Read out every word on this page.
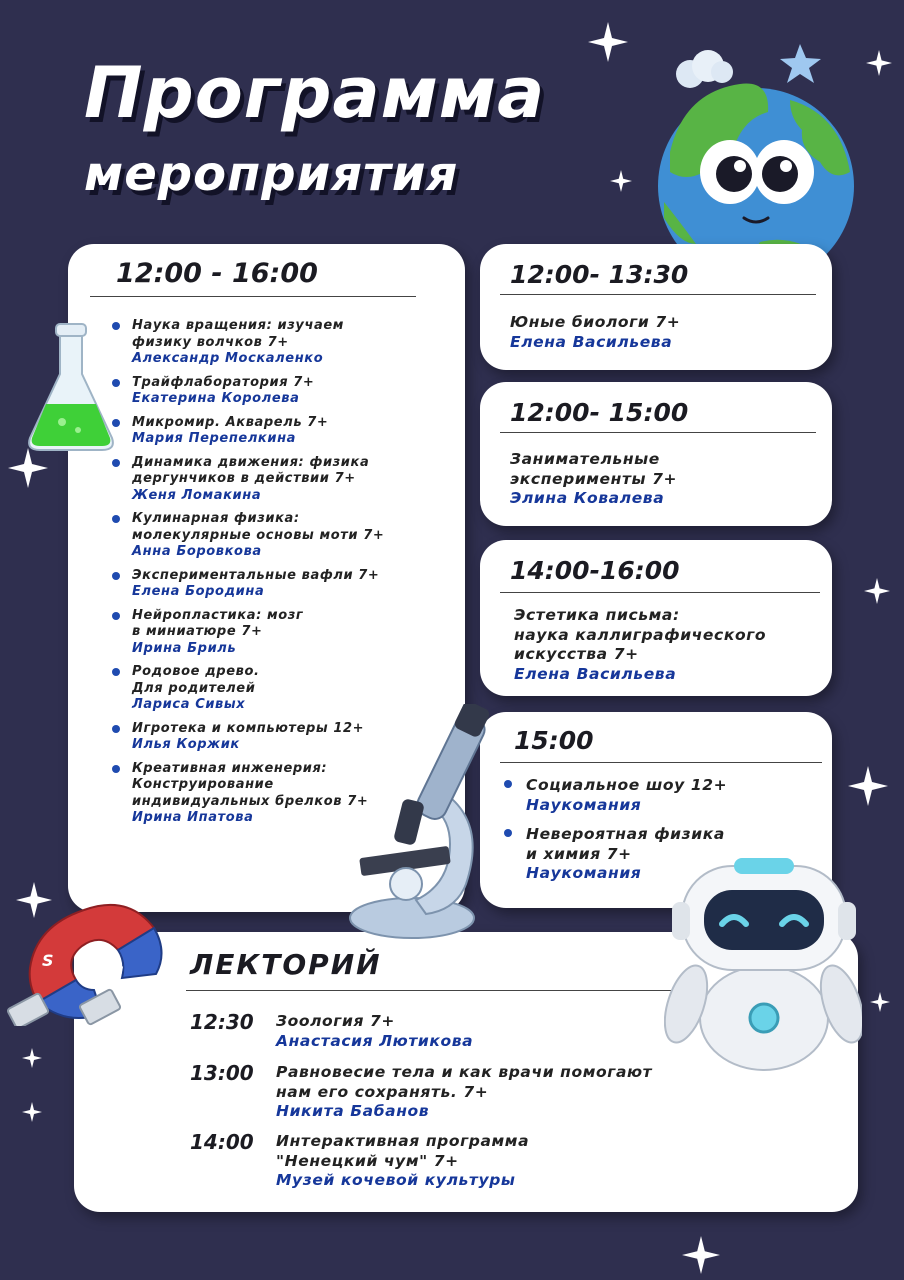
Программа
мероприятия
12:00 - 16:00
Наука вращения: изучаем
физику волчков 7+
Александр Москаленко
Трайфлаборатория 7+
Екатерина Королева
Микромир. Акварель 7+
Мария Перепелкина
Динамика движения: физика
дергунчиков в действии 7+
Женя Ломакина
Кулинарная физика:
молекулярные основы моти 7+
Анна Боровкова
Экспериментальные вафли 7+
Елена Бородина
Нейропластика: мозг
в миниатюре 7+
Ирина Бриль
Родовое древо.
Для родителей
Лариса Сивых
Игротека и компьютеры 12+
Илья Коржик
Креативная инженерия:
Конструирование
индивидуальных брелков 7+
Ирина Ипатова
12:00- 13:30
Юные биологи 7+
Елена Васильева
12:00- 15:00
Занимательные
эксперименты 7+
Элина Ковалева
14:00-16:00
Эстетика письма:
наука каллиграфического
искусства 7+
Елена Васильева
15:00
Социальное шоу 12+
Наукомания
Невероятная физика
и химия 7+
Наукомания
ЛЕКТОРИЙ
12:30 Зоология 7+
Анастасия Лютикова
13:00 Равновесие тела и как врачи помогают
нам его сохранять. 7+
Никита Бабанов
14:00 Интерактивная программа
"Ненецкий чум" 7+
Музей кочевой культуры
S
N
